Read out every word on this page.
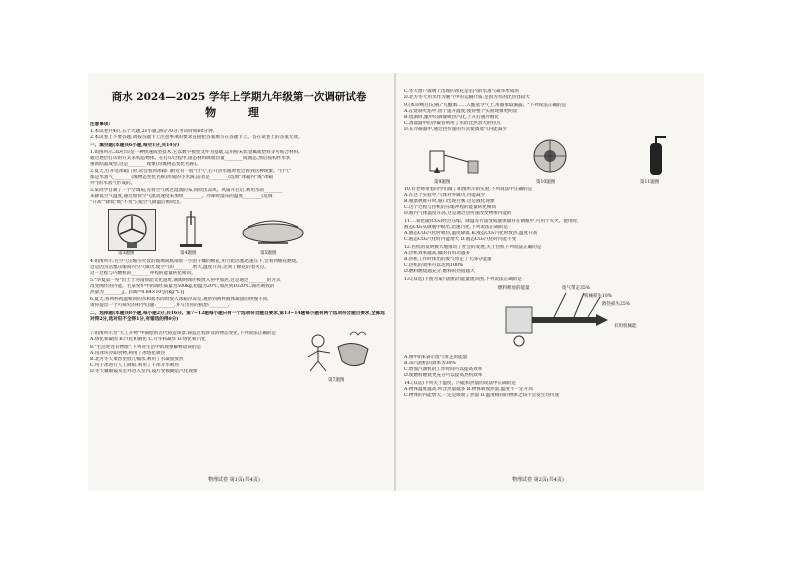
商水 2024—2025 学年上学期九年级第一次调研试卷
物 理
注意事项:
1.本试卷共4页,五个大题,21小题,满分70分,考试时间60分钟。
2.本试卷上不要答题,请按答题卡上注意事项的要求直接把答案填写在答题卡上。答在试卷上的答案无效。
一、填空题(本题共6小题,每空1分,共14分)
1.如图所示,3D打印是一种快速成型技术,它以数字模型文件为基础,运用粉末状金属或塑料等可粘合材料,
通过逐层打印的方式来构造物体。在打印过程中,固态材料吸收热量________成液态,然后按构件形状
重新结晶成型,这是________现象(均填物态变化名称)。
2.夏天,打开电冰箱门时,常会看到冰箱门附近有一股"白气",打开热水瓶时也会看到这种现象。"白气"
都是水蒸气________(填物态变化名称)形成的小水滴,前者是________(选填"冰箱内"或"冰箱
外")的水蒸气形成的。
3.某同学自制了一个空调扇,先将空气吹过湿润的布,再吹出凉风。风扇开启后,利用水的________
来降低空气温度,通过加快空气流动速度来加快________。冷却时湿布的温度________(选填
"升高""降低"或"不变"),使空气降温后被吹出。
第3题图	第4题图	第5题图
4.如图所示,在空气压缩引火仪的玻璃筒底部放一小团干燥的棉花,用力把活塞迅速压下,会看到棉花燃烧。
这是因为活塞压缩筒内空气做功,使空气的________增大,温度升高,达到了棉花的着火点。
这一过程与内燃机的________冲程的能量转化相同。
5."华夏第一窑"出土于河南仰韶文化遗址,制陶时陶坯被放入窑中加热,这是通过________的方式
改变陶坯的内能。若某窑炉中的陶坯质量为500kg,初温为20℃,加热到1020℃,陶坯吸收的
热量为________J。[c陶=0.84×10³J/(kg·℃)]
6.夏天,将两杯初温相同的水和盐水同时放入冰箱冷冻室,观察到两杯液体凝固的快慢不同,
请你提出一个可探究的科学问题:________,并写出你的猜想:________。
二、选择题(本题共8小题,每小题2分,共16分。第7~12题每小题只有一个选项符合题目要求,第13~14题每小题有两个选项符合题目要求,全部选对得2分,选对但不全得1分,有错选的得0分)
7.如图所示为"天工开物"中描绘的古代铸造场景,铸造过程涉及的物态变化,下列说法正确的是
A.熔化和凝固 B.汽化和液化 C.升华和凝华 D.熔化和汽化
第7题图
8."生活处处有物理",下列对生活中的现象解释错误的是
A.用冰块冷却食物,利用了冰熔化吸热
B.北方冬天菜窖里放几桶水,利用了水凝固放热
C.用干冰进行人工降雨,利用了干冰升华吸热
D.冬天戴眼镜从室外进入室内,镜片变模糊是汽化现象
物理试卷 第1页(共4页)
C.冬天窗户玻璃上出现的冰花是室内的水蒸气凝华形成的
D.北方冬天用水作为暖气中的运输介质,是因为水的比热容较大
9.(本草纲目)记载:"凡酿酒……入甑蒸令气上,用器承取滴露。"下列说法正确的是
A.在烧制火焰中,由于提升温度,使得整个实验现象更明显
B.烧酒时,甑中的酒液吸热汽化,上升后遇冷液化
C.蒸馏器中的冷凝管利用了水的比热容大的特点
D.在冷凝器中,通过热传递的方式使酒蒸气内能减少
第9题图	第10题图	第11题图
10.有老师带着同学们做了如图所示的实验,下列说法中正确的是
A.在这个实验中,气体对外做功,内能减少
B.瓶塞被推开时,瓶口出现白雾,这是液化现象
C.这个过程与热机的压缩冲程的能量转化相同
D.瓶内气体温度升高,这是通过热传递改变物体内能的
11.二氧化碳(CO₂)经过压缩、降温等方法变成液体储存在钢瓶中,可用于灭火。使用时,
液态CO₂从钢瓶中喷出,迅速汽化,下列说法正确的是
A.液态CO₂汽化时吸热,温度降低 B.液态CO₂汽化时放热,温度升高
C.液态CO₂汽化时内能增大 D.液态CO₂汽化时内能不变
12.热机的发明极大地推动了社会的发展,关于热机下列说法正确的是
A.热机效率越高,做的有用功越多
B.热机工作时排出的废气带走了大部分能量
C.热机的效率可以达到100%
D.燃料燃烧越充分,燃料的热值越大
13.(双选)下图为某汽油机的能量流向图,下列说法正确的是
燃料释放的能量	废气带走35%
机械损失10%
散热损失25%
有用机械能
A.图中的E表示废气带走的能量
B.该汽油机的效率为30%
C.增加汽油机的工作时间可以提高效率
D.使燃料燃烧更充分可以提高热机效率
14.(双选)下列关于温度、内能和热量的说法中正确的是
A.物体温度越高,所含热量越多 B.物体吸收热量,温度不一定升高
C.物体的内能增大,一定是吸收了热量 D.温度相同的物体之间不会发生热传递
物理试卷 第2页(共4页)
